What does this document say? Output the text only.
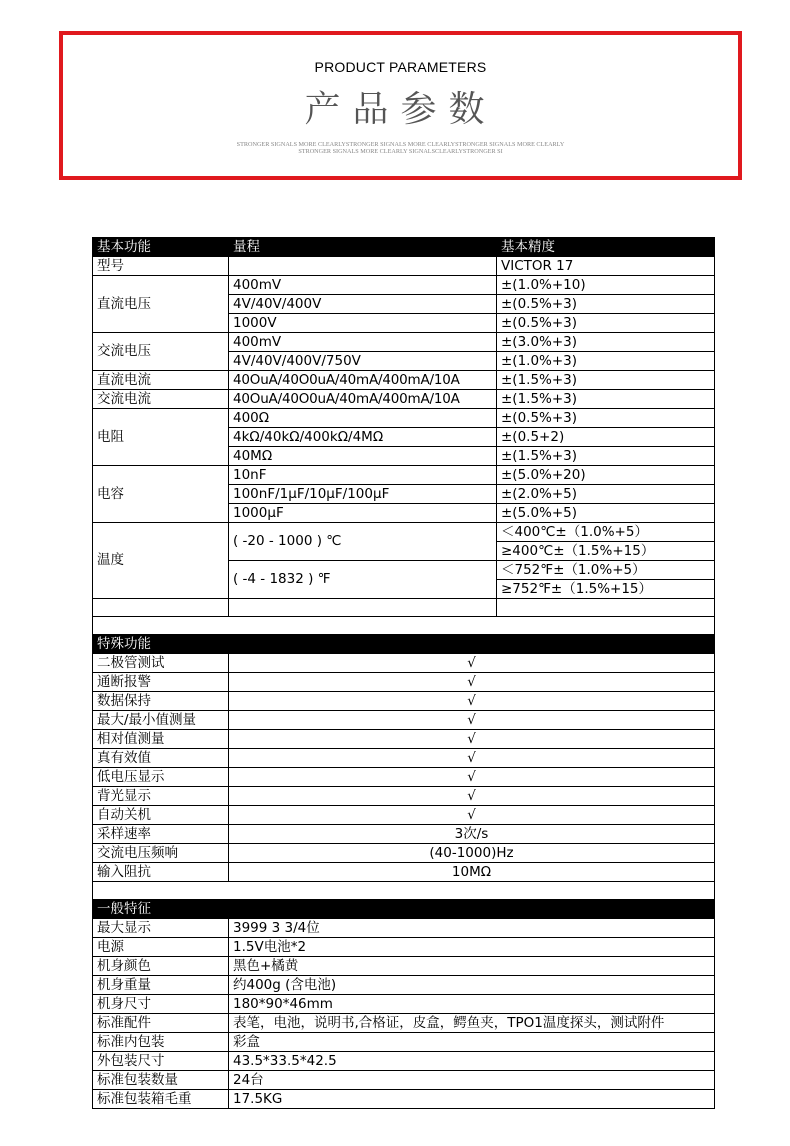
PRODUCT PARAMETERS
产品参数
STRONGER SIGNALS MORE CLEARLYSTRONGER SIGNALS MORE CLEARLYSTRONGER SIGNALS MORE CLEARLY
STRONGER SIGNALS MORE CLEARLY SIGNALSCLEARLYSTRONGER SI
基本功能	量程	基本精度
型号		VICTOR 17
直流电压	400mV	±(1.0%+10)
	4V/40V/400V	±(0.5%+3)
	1000V	±(0.5%+3)
交流电压	400mV	±(3.0%+3)
	4V/40V/400V/750V	±(1.0%+3)
直流电流	40OuA/40O0uA/40mA/400mA/10A	±(1.5%+3)
交流电流	40OuA/40O0uA/40mA/400mA/10A	±(1.5%+3)
电阻	400Ω	±(0.5%+3)
	4kΩ/40kΩ/400kΩ/4MΩ	±(0.5+2)
	40MΩ	±(1.5%+3)
电容	10nF	±(5.0%+20)
	100nF/1μF/10μF/100μF	±(2.0%+5)
	1000μF	±(5.0%+5)
温度	( -20 - 1000 ) ℃	＜400℃±（1.0%+5）
		≥400℃±（1.5%+15）
	( -4 - 1832 ) ℉	＜752℉±（1.0%+5）
		≥752℉±（1.5%+15）

特殊功能		
二极管测试	√	
通断报警	√	
数据保持	√	
最大/最小值测量	√	
相对值测量	√	
真有效值	√	
低电压显示	√	
背光显示	√	
自动关机	√	
采样速率	3次/s	
交流电压频响	(40-1000)Hz	
输入阻抗	10MΩ	

一般特征		
最大显示	3999 3 3/4位	
电源	1.5V电池*2	
机身颜色	黑色+橘黄	
机身重量	约400g (含电池)	
机身尺寸	180*90*46mm	
标准配件	表笔，电池，说明书,合格证，皮盒，鳄鱼夹，TPO1温度探头，测试附件	
标准内包装	彩盒	
外包装尺寸	43.5*33.5*42.5	
标准包装数量	24台	
标准包装箱毛重	17.5KG	
